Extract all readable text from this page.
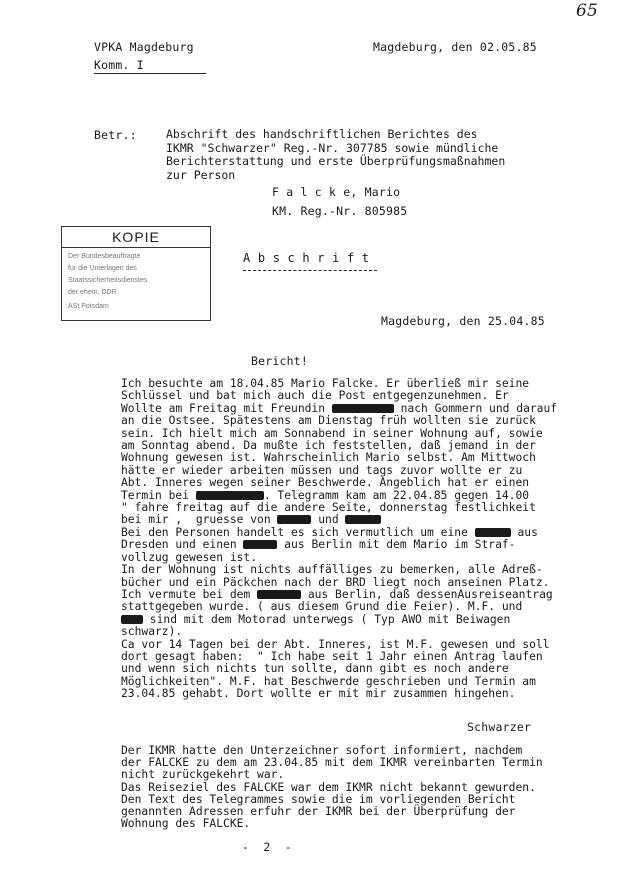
65
VPKA Magdeburg
Komm. I
Magdeburg, den 02.05.85
Betr.:	Abschrift des handschriftlichen Berichtes des
IKMR "Schwarzer" Reg.-Nr. 307785 sowie mündliche
Berichterstattung und erste Überprüfungsmaßnahmen
zur Person
F a l c k e, Mario
KM. Reg.-Nr. 805985
KOPIE
Der Bundesbeauftragte
für die Unterlagen des
Staatssicherheitsdienstes
der ehem. DDR
ASt Potsdam
A b s c h r i f t
Magdeburg, den 25.04.85
Bericht!
Ich besuchte am 18.04.85 Mario Falcke. Er überließ mir seine
Schlüssel und bat mich auch die Post entgegenzunehmen. Er
Wollte am Freitag mit Freundin	nach Gommern und darauf
an die Ostsee. Spätestens am Dienstag früh wollten sie zurück
sein. Ich hielt mich am Sonnabend in seiner Wohnung auf, sowie
am Sonntag abend. Da mußte ich feststellen, daß jemand in der
Wohnung gewesen ist. Wahrscheinlich Mario selbst. Am Mittwoch
hätte er wieder arbeiten müssen und tags zuvor wollte er zu
Abt. Inneres wegen seiner Beschwerde. Angeblich hat er einen
Termin bei	. Telegramm kam am 22.04.85 gegen 14.00
" fahre freitag auf die andere Seite, donnerstag festlichkeit
bei mir ,  gruesse von	und
Bei den Personen handelt es sich vermutlich um eine	aus
Dresden und einen	aus Berlin mit dem Mario im Straf-
vollzug gewesen ist.
In der Wohnung ist nichts auffälliges zu bemerken, alle Adreß-
bücher und ein Päckchen nach der BRD liegt noch anseinen Platz.
Ich vermute bei dem	aus Berlin, daß dessenAusreiseantrag
stattgegeben wurde. ( aus diesem Grund die Feier). M.F. und
sind mit dem Motorad unterwegs ( Typ AWO mit Beiwagen
schwarz).
Ca vor 14 Tagen bei der Abt. Inneres, ist M.F. gewesen und soll
dort gesagt haben:  " Ich habe seit 1 Jahr einen Antrag laufen
und wenn sich nichts tun sollte, dann gibt es noch andere
Möglichkeiten". M.F. hat Beschwerde geschrieben und Termin am
23.04.85 gehabt. Dort wollte er mit mir zusammen hingehen.
Schwarzer
Der IKMR hatte den Unterzeichner sofort informiert, nachdem
der FALCKE zu dem am 23.04.85 mit dem IKMR vereinbarten Termin
nicht zurückgekehrt war.
Das Reiseziel des FALCKE war dem IKMR nicht bekannt gewurden.
Den Text des Telegrammes sowie die im vorliegenden Bericht
genannten Adressen erfuhr der IKMR bei der Überprüfung der
Wohnung des FALCKE.
-  2  -
